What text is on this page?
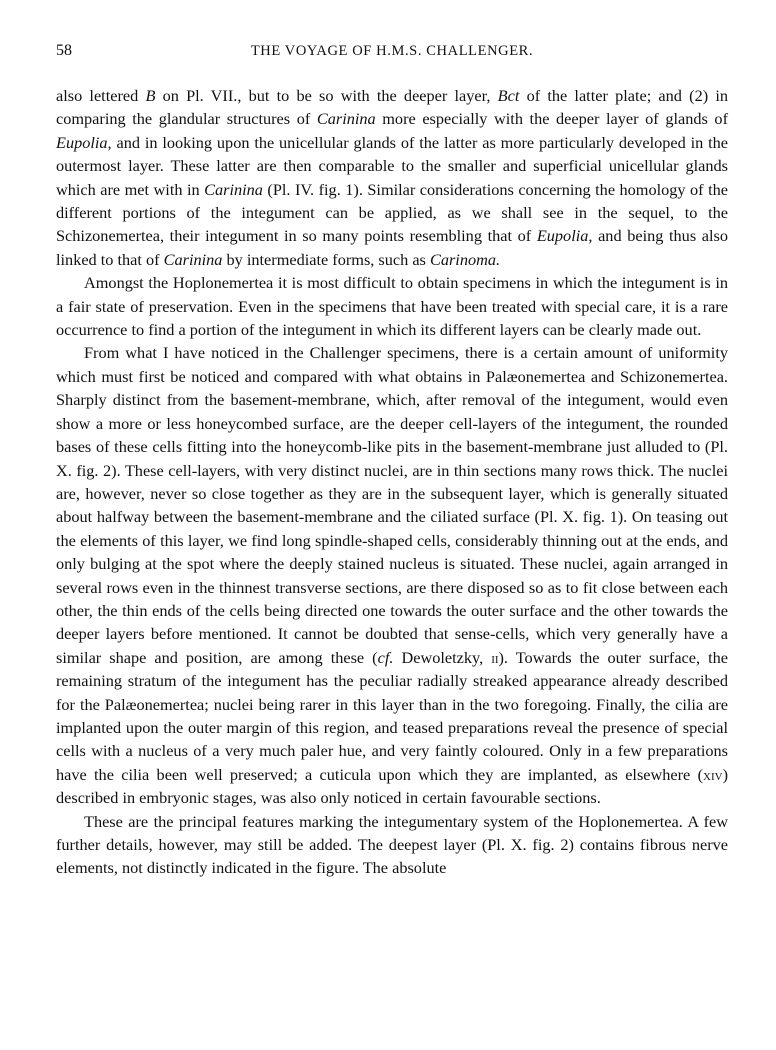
58	THE VOYAGE OF H.M.S. CHALLENGER.

also lettered B on Pl. VII., but to be so with the deeper layer, Bct of the latter plate; and (2) in comparing the glandular structures of Carinina more especially with the deeper layer of glands of Eupolia, and in looking upon the unicellular glands of the latter as more particularly developed in the outermost layer. These latter are then comparable to the smaller and superficial unicellular glands which are met with in Carinina (Pl. IV. fig. 1). Similar considerations concerning the homology of the different portions of the integument can be applied, as we shall see in the sequel, to the Schizonemertea, their integument in so many points resembling that of Eupolia, and being thus also linked to that of Carinina by intermediate forms, such as Carinoma.

Amongst the Hoplonemertea it is most difficult to obtain specimens in which the integument is in a fair state of preservation. Even in the specimens that have been treated with special care, it is a rare occurrence to find a portion of the integument in which its different layers can be clearly made out.

From what I have noticed in the Challenger specimens, there is a certain amount of uniformity which must first be noticed and compared with what obtains in Palæonemertea and Schizonemertea. Sharply distinct from the basement-membrane, which, after removal of the integument, would even show a more or less honeycombed surface, are the deeper cell-layers of the integument, the rounded bases of these cells fitting into the honeycomb-like pits in the basement-membrane just alluded to (Pl. X. fig. 2). These cell-layers, with very distinct nuclei, are in thin sections many rows thick. The nuclei are, however, never so close together as they are in the subsequent layer, which is generally situated about halfway between the basement-membrane and the ciliated surface (Pl. X. fig. 1). On teasing out the elements of this layer, we find long spindle-shaped cells, considerably thinning out at the ends, and only bulging at the spot where the deeply stained nucleus is situated. These nuclei, again arranged in several rows even in the thinnest transverse sections, are there disposed so as to fit close between each other, the thin ends of the cells being directed one towards the outer surface and the other towards the deeper layers before mentioned. It cannot be doubted that sense-cells, which very generally have a similar shape and position, are among these (cf. Dewoletzky, ii). Towards the outer surface, the remaining stratum of the integument has the peculiar radially streaked appearance already described for the Palæonemertea; nuclei being rarer in this layer than in the two foregoing. Finally, the cilia are implanted upon the outer margin of this region, and teased preparations reveal the presence of special cells with a nucleus of a very much paler hue, and very faintly coloured. Only in a few preparations have the cilia been well preserved; a cuticula upon which they are implanted, as elsewhere (xiv) described in embryonic stages, was also only noticed in certain favourable sections.

These are the principal features marking the integumentary system of the Hoplonemertea. A few further details, however, may still be added. The deepest layer (Pl. X. fig. 2) contains fibrous nerve elements, not distinctly indicated in the figure. The absolute
